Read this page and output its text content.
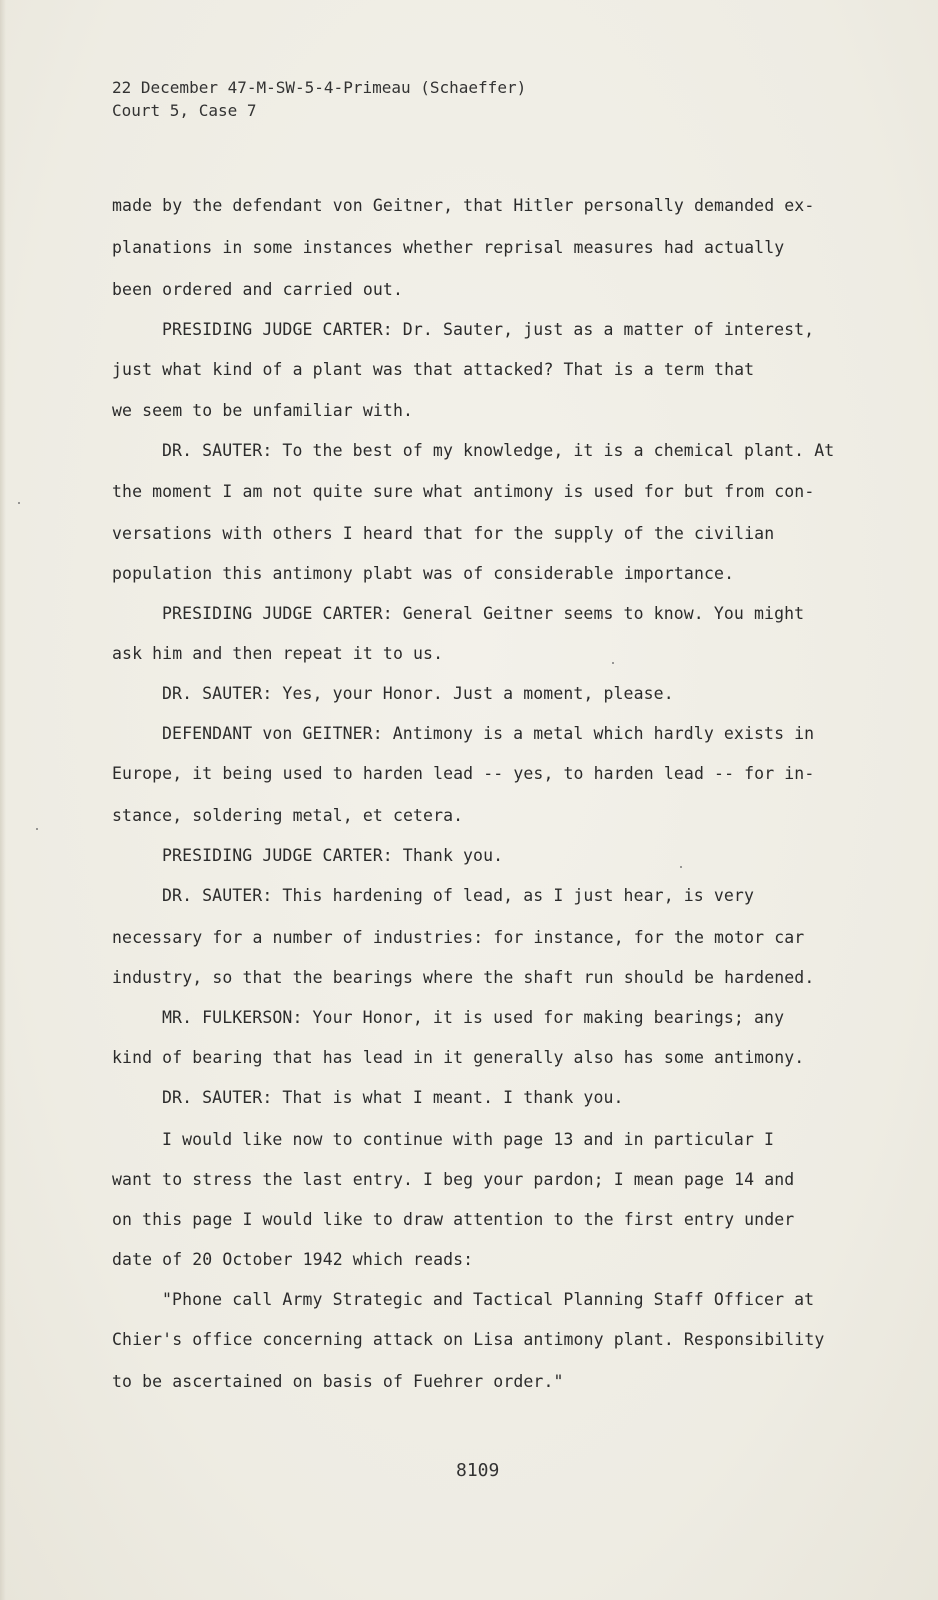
22 December 47-M-SW-5-4-Primeau (Schaeffer)
Court 5, Case 7
made by the defendant von Geitner, that Hitler personally demanded ex-
planations in some instances whether reprisal measures had actually
been ordered and carried out.
PRESIDING JUDGE CARTER: Dr. Sauter, just as a matter of interest,
just what kind of a plant was that attacked? That is a term that
we seem to be unfamiliar with.
DR. SAUTER: To the best of my knowledge, it is a chemical plant. At
the moment I am not quite sure what antimony is used for but from con-
versations with others I heard that for the supply of the civilian
population this antimony plabt was of considerable importance.
PRESIDING JUDGE CARTER: General Geitner seems to know. You might
ask him and then repeat it to us.
DR. SAUTER: Yes, your Honor. Just a moment, please.
DEFENDANT von GEITNER: Antimony is a metal which hardly exists in
Europe, it being used to harden lead -- yes, to harden lead -- for in-
stance, soldering metal, et cetera.
PRESIDING JUDGE CARTER: Thank you.
DR. SAUTER: This hardening of lead, as I just hear, is very
necessary for a number of industries: for instance, for the motor car
industry, so that the bearings where the shaft run should be hardened.
MR. FULKERSON: Your Honor, it is used for making bearings; any
kind of bearing that has lead in it generally also has some antimony.
DR. SAUTER: That is what I meant. I thank you.
I would like now to continue with page 13 and in particular I
want to stress the last entry. I beg your pardon; I mean page 14 and
on this page I would like to draw attention to the first entry under
date of 20 October 1942 which reads:
"Phone call Army Strategic and Tactical Planning Staff Officer at
Chier's office concerning attack on Lisa antimony plant. Responsibility
to be ascertained on basis of Fuehrer order."
8109
